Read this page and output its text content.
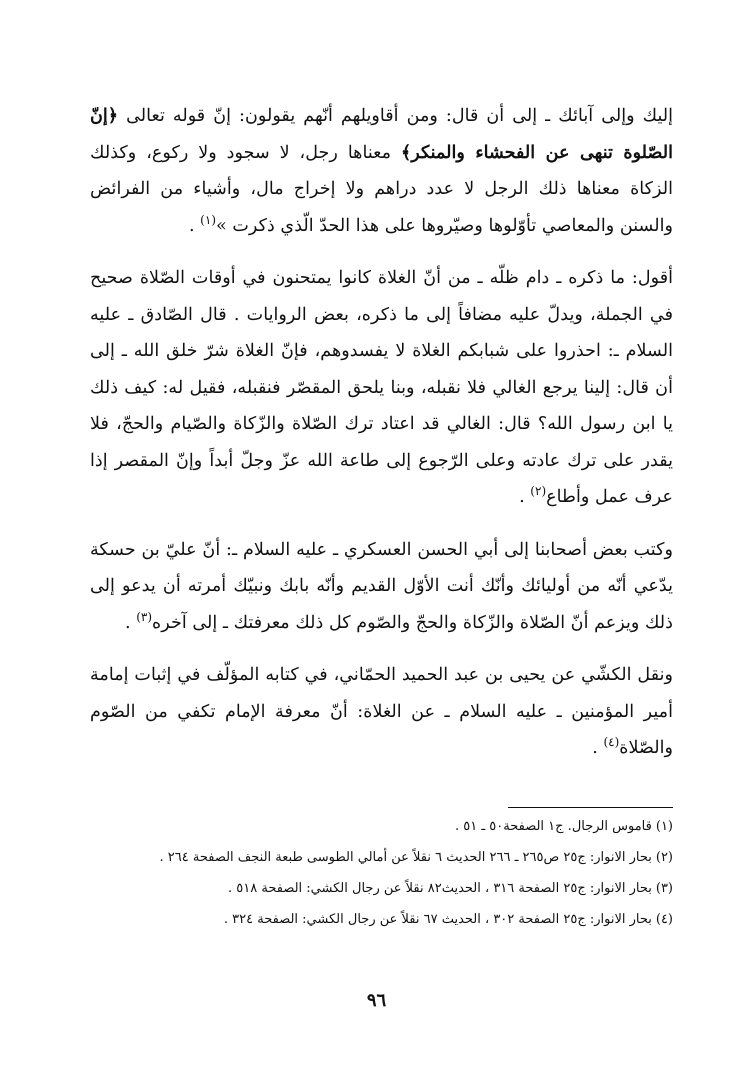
إليك وإلى آبائك ـ إلى أن قال: ومن أقاويلهم أنّهم يقولون: إنّ قوله تعالى ﴿إنّ الصّلوة تنهى عن الفحشاء والمنكر﴾ معناها رجل، لا سجود ولا ركوع، وكذلك الزكاة معناها ذلك الرجل لا عدد دراهم ولا إخراج مال، وأشياء من الفرائض والسنن والمعاصي تأوّلوها وصيّروها على هذا الحدّ الّذي ذكرت »$^{(١)}$ .

أقول: ما ذكره ـ دام ظلّه ـ من أنّ الغلاة كانوا يمتحنون في أوقات الصّلاة صحيح في الجملة، ويدلّ عليه مضافاً إلى ما ذكره، بعض الروايات . قال الصّادق ـ عليه السلام ـ: احذروا على شبابكم الغلاة لا يفسدوهم، فإنّ الغلاة شرّ خلق الله ـ إلى أن قال: إلينا يرجع الغالي فلا نقبله، وبنا يلحق المقصّر فنقبله، فقيل له: كيف ذلك يا ابن رسول الله؟ قال: الغالي قد اعتاد ترك الصّلاة والزّكاة والصّيام والحجّ، فلا يقدر على ترك عادته وعلى الرّجوع إلى طاعة الله عزّ وجلّ أبداً وإنّ المقصر إذا عرف عمل وأطاع$^{(٢)}$ .

وكتب بعض أصحابنا إلى أبي الحسن العسكري ـ عليه السلام ـ: أنّ عليّ بن حسكة يدّعي أنّه من أوليائك وأنّك أنت الأوّل القديم وأنّه بابك ونبيّك أمرته أن يدعو إلى ذلك ويزعم أنّ الصّلاة والزّكاة والحجّ والصّوم كل ذلك معرفتك ـ إلى آخره$^{(٣)}$ .

ونقل الكشّي عن يحيى بن عبد الحميد الحمّاني، في كتابه المؤلّف في إثبات إمامة أمير المؤمنين ـ عليه السلام ـ عن الغلاة: أنّ معرفة الإمام تكفي من الصّوم والصّلاة$^{(٤)}$ .

(١)قاموس الرجال. ج١ الصفحة٥٠ ـ ٥١ .

(٢)بحار الانوار: ج٢٥ ص٢٦٥ ـ ٢٦٦ الحديث ٦ نقلاً عن أمالي الطوسى طبعة النجف الصفحة ٢٦٤ .

(٣)بحار الانوار: ج٢٥ الصفحة ٣١٦ ، الحديث٨٢ نقلاً عن رجال الكشي: الصفحة ٥١٨ .

(٤)بحار الانوار: ج٢٥ الصفحة ٣٠٢ ، الحديث ٦٧ نقلاً عن رجال الكشي: الصفحة ٣٢٤ .

٩٦
